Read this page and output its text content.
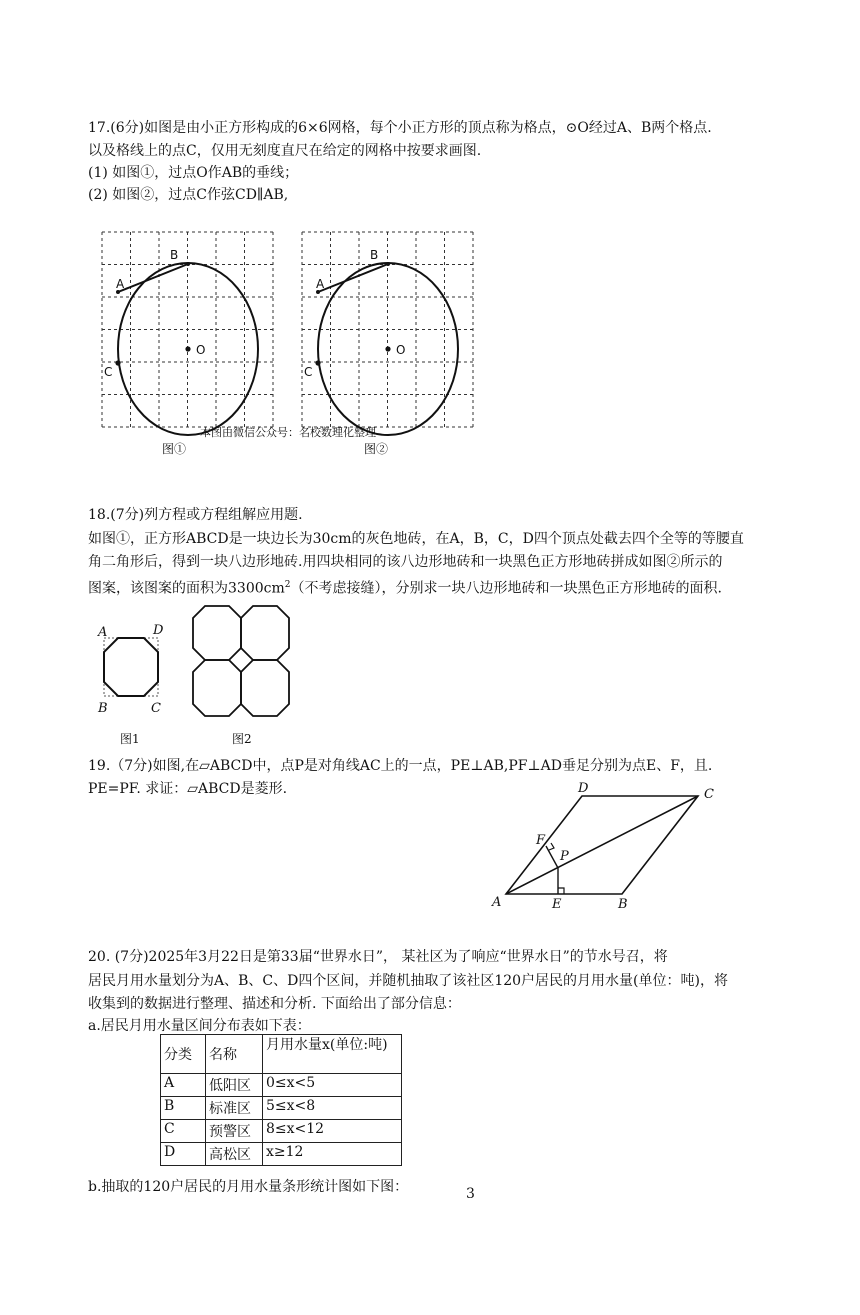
17.(6分)如图是由小正方形构成的6×6网格，每个小正方形的顶点称为格点，⊙O经过A、B两个格点.
以及格线上的点C，仅用无刻度直尺在给定的网格中按要求画图.
(1) 如图①，过点O作AB的垂线；
(2) 如图②，过点C作弦CD∥AB,
B
A
O
C
B
A
O
C
本图由微信公众号：名校数理化整理
图①	图②
18.(7分)列方程或方程组解应用题.
如图①，正方形ABCD是一块边长为30cm的灰色地砖，在A，B，C，D四个顶点处截去四个全等的等腰直
角二角形后，得到一块八边形地砖.用四块相同的该八边形地砖和一块黑色正方形地砖拼成如图②所示的
图案，该图案的面积为$3300cm^2$（不考虑接缝），分别求一块八边形地砖和一块黑色正方形地砖的面积.
A	D
B	C
图1	图2
19.（7分)如图,在▱ABCD中，点P是对角线AC上的一点，PE⊥AB,PF⊥AD垂足分别为点E、F，且.
PE=PF. 求证：▱ABCD是菱形.
A	B
C
D
E
F
P
20. (7分)2025年3月22日是第33届“世界水日”， 某社区为了响应“世界水日”的节水号召，将
居民月用水量划分为A、B、C、D四个区间，并随机抽取了该社区120户居民的月用水量(单位：吨)，将
收集到的数据进行整理、描述和分析. 下面给出了部分信息：
a.居民月用水量区间分布表如下表：
分类	名称	月用水量x(单位:吨)
A	低阳区	0≤x<5
B	标准区	5≤x<8
C	预警区	8≤x<12
D	高松区	x≥12
b.抽取的120户居民的月用水量条形统计图如下图：	3
